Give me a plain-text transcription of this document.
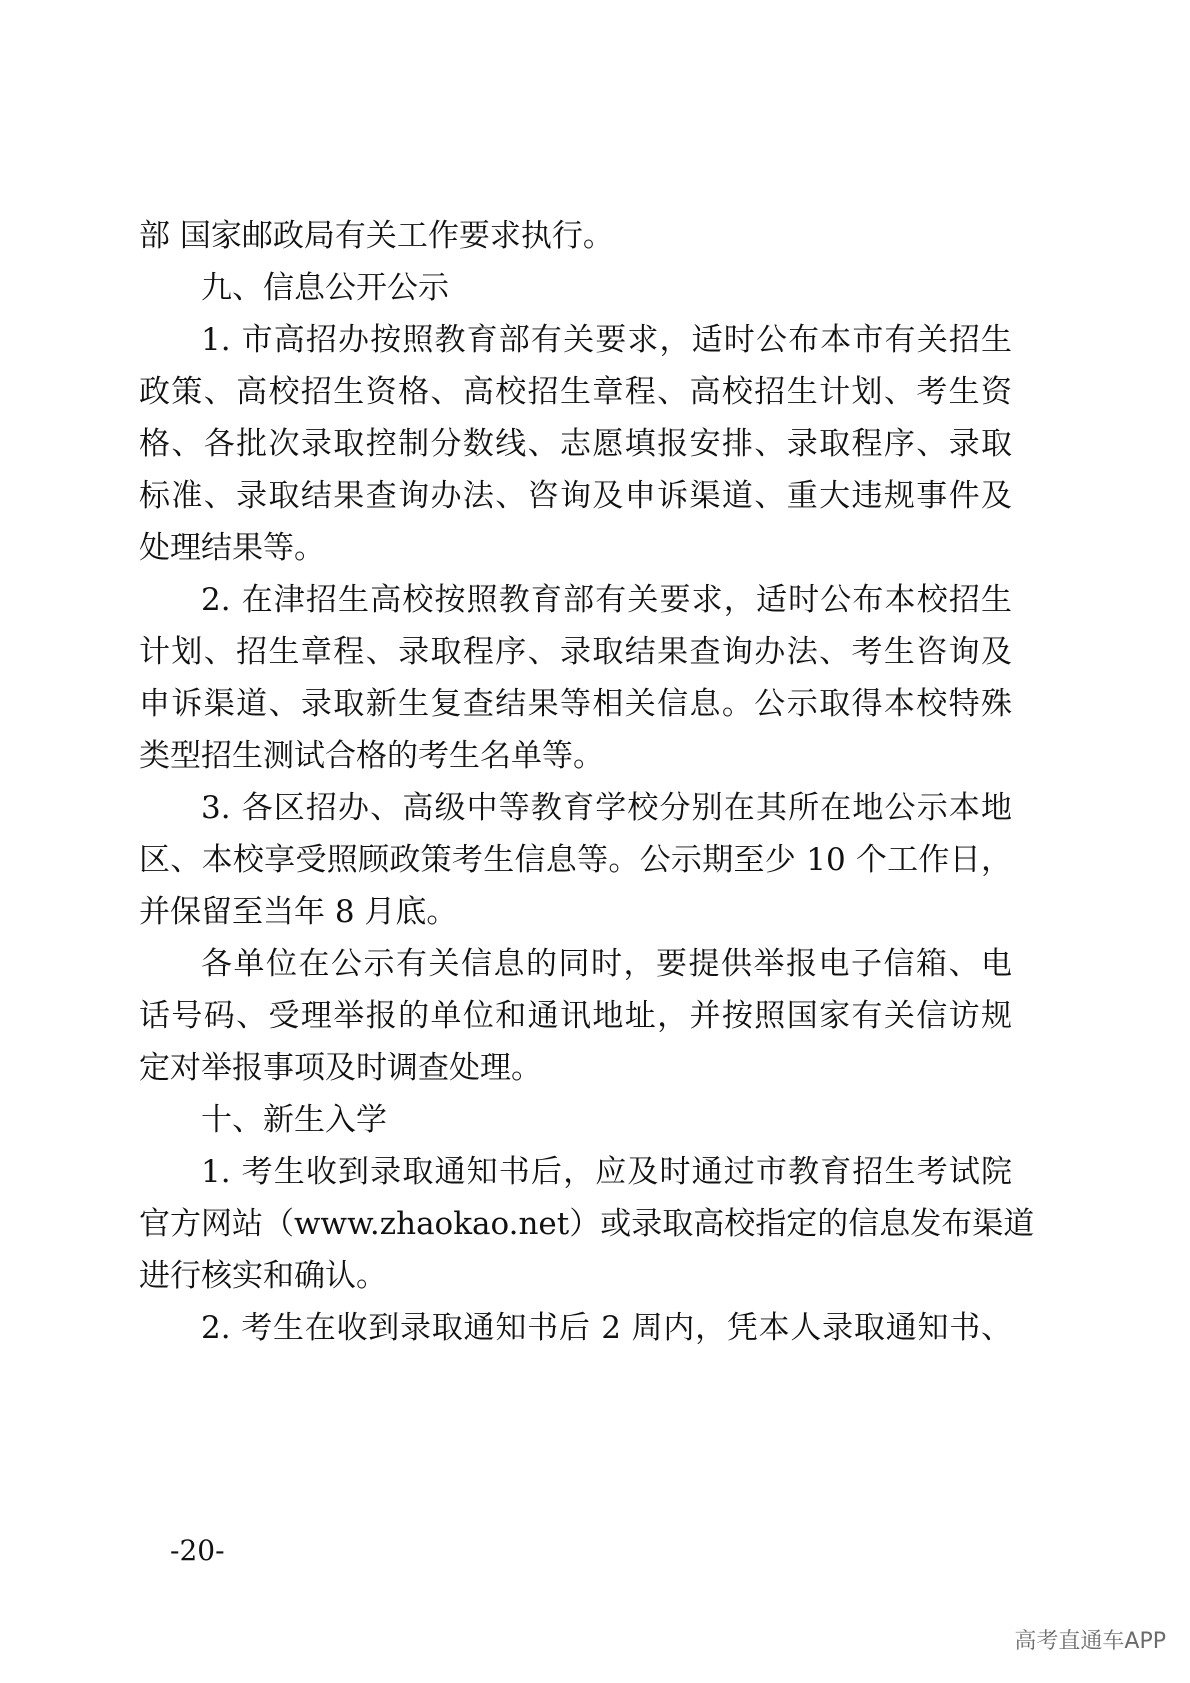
部 国家邮政局有关工作要求执行。
九、信息公开公示
1. 市高招办按照教育部有关要求，适时公布本市有关招生
政策、高校招生资格、高校招生章程、高校招生计划、考生资
格、各批次录取控制分数线、志愿填报安排、录取程序、录取
标准、录取结果查询办法、咨询及申诉渠道、重大违规事件及
处理结果等。
2. 在津招生高校按照教育部有关要求，适时公布本校招生
计划、招生章程、录取程序、录取结果查询办法、考生咨询及
申诉渠道、录取新生复查结果等相关信息。公示取得本校特殊
类型招生测试合格的考生名单等。
3. 各区招办、高级中等教育学校分别在其所在地公示本地
区、本校享受照顾政策考生信息等。公示期至少 10 个工作日，
并保留至当年 8 月底。
各单位在公示有关信息的同时，要提供举报电子信箱、电
话号码、受理举报的单位和通讯地址，并按照国家有关信访规
定对举报事项及时调查处理。
十、新生入学
1. 考生收到录取通知书后，应及时通过市教育招生考试院
官方网站（www.zhaokao.net）或录取高校指定的信息发布渠道
进行核实和确认。
2. 考生在收到录取通知书后 2 周内，凭本人录取通知书、
-20-
高考直通车APP
